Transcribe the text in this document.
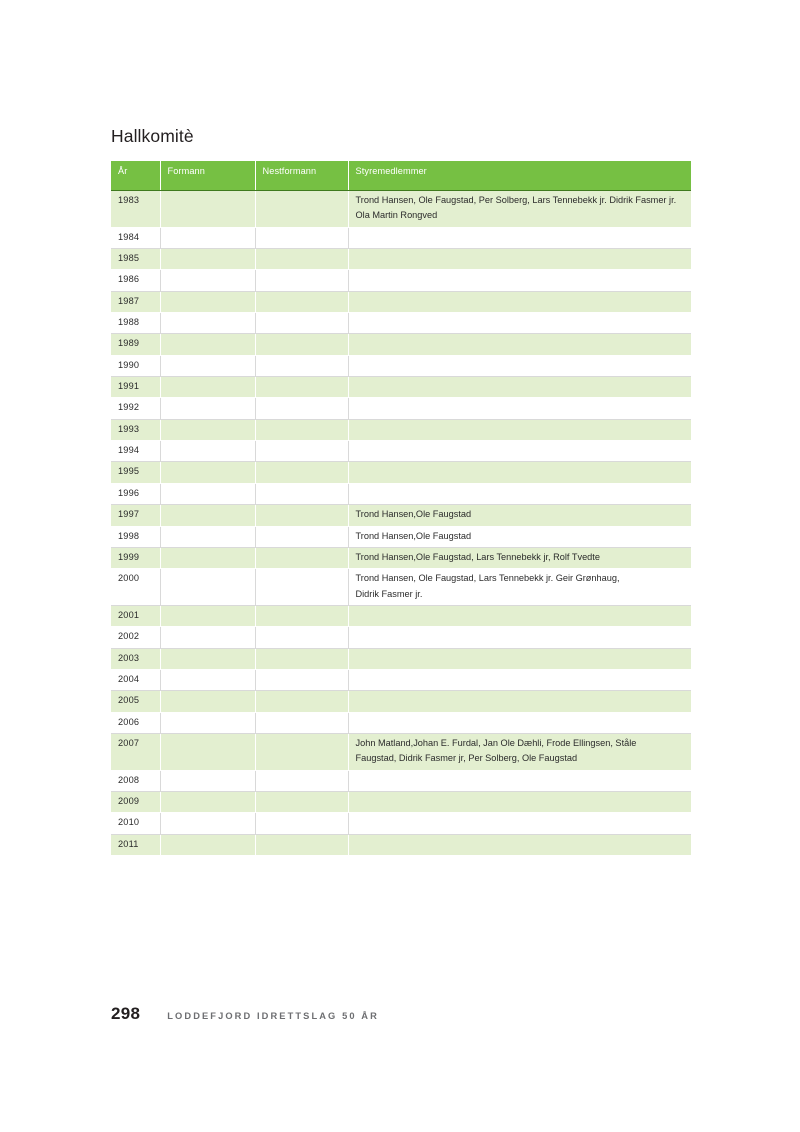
Hallkomitè
År	Formann	Nestformann	Styremedlemmer
1983			Trond Hansen, Ole Faugstad, Per Solberg, Lars Tennebekk jr. Didrik Fasmer jr.
Ola Martin Rongved

1984			
1985			
1986			
1987			
1988			
1989			
1990			
1991			
1992			
1993			
1994			
1995			
1996			
1997			Trond Hansen,Ole Faugstad

1998			Trond Hansen,Ole Faugstad

1999			Trond Hansen,Ole Faugstad, Lars Tennebekk jr, Rolf Tvedte

2000			Trond Hansen, Ole Faugstad, Lars Tennebekk jr. Geir Grønhaug,
Didrik Fasmer jr.

2001			
2002			
2003			
2004			
2005			
2006			
2007			John Matland,Johan E. Furdal, Jan Ole Dæhli, Frode Ellingsen, Ståle
Faugstad, Didrik Fasmer jr, Per Solberg, Ole Faugstad

2008			
2009			
2010			
2011			
298	LODDEFJORD IDRETTSLAG 50 ÅR
